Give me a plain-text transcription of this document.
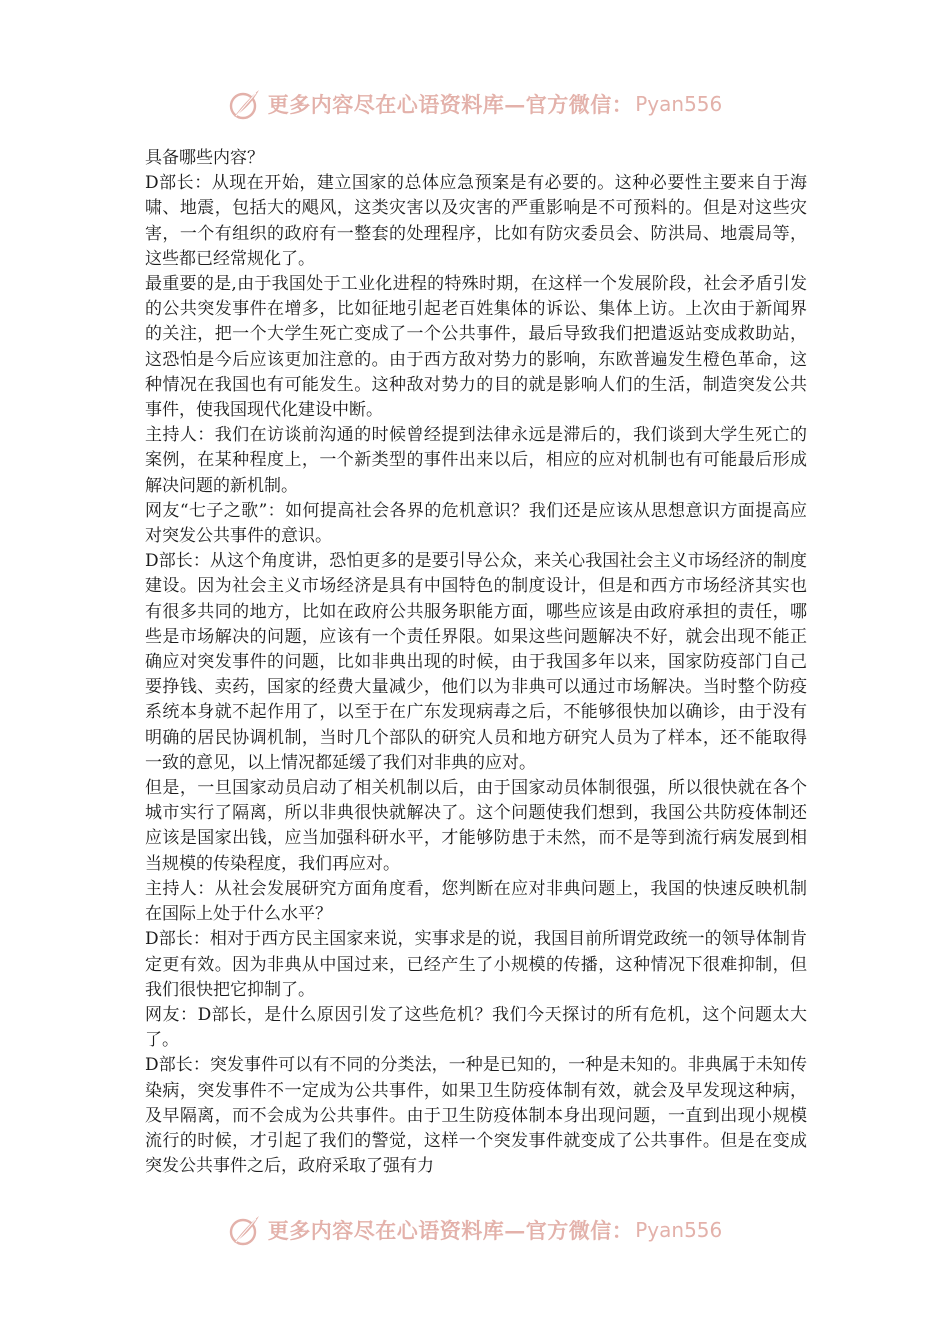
更多内容尽在心语资料库—官方微信： Pyan556

具备哪些内容？

D部长：从现在开始，建立国家的总体应急预案是有必要的。这种必要性主要来自于海啸、地震，包括大的飓风，这类灾害以及灾害的严重影响是不可预料的。但是对这些灾害，一个有组织的政府有一整套的处理程序，比如有防灾委员会、防洪局、地震局等，这些都已经常规化了。

最重要的是,由于我国处于工业化进程的特殊时期，在这样一个发展阶段，社会矛盾引发的公共突发事件在增多，比如征地引起老百姓集体的诉讼、集体上访。上次由于新闻界的关注，把一个大学生死亡变成了一个公共事件，最后导致我们把遣返站变成救助站，这恐怕是今后应该更加注意的。由于西方敌对势力的影响，东欧普遍发生橙色革命，这种情况在我国也有可能发生。这种敌对势力的目的就是影响人们的生活，制造突发公共事件，使我国现代化建设中断。

主持人：我们在访谈前沟通的时候曾经提到法律永远是滞后的，我们谈到大学生死亡的案例，在某种程度上，一个新类型的事件出来以后，相应的应对机制也有可能最后形成解决问题的新机制。

网友“七子之歌”：如何提高社会各界的危机意识？我们还是应该从思想意识方面提高应对突发公共事件的意识。

D部长：从这个角度讲，恐怕更多的是要引导公众，来关心我国社会主义市场经济的制度建设。因为社会主义市场经济是具有中国特色的制度设计，但是和西方市场经济其实也有很多共同的地方，比如在政府公共服务职能方面，哪些应该是由政府承担的责任，哪些是市场解决的问题，应该有一个责任界限。如果这些问题解决不好，就会出现不能正确应对突发事件的问题，比如非典出现的时候，由于我国多年以来，国家防疫部门自己要挣钱、卖药，国家的经费大量减少，他们以为非典可以通过市场解决。当时整个防疫系统本身就不起作用了，以至于在广东发现病毒之后，不能够很快加以确诊，由于没有明确的居民协调机制，当时几个部队的研究人员和地方研究人员为了样本，还不能取得一致的意见，以上情况都延缓了我们对非典的应对。

但是，一旦国家动员启动了相关机制以后，由于国家动员体制很强，所以很快就在各个城市实行了隔离，所以非典很快就解决了。这个问题使我们想到，我国公共防疫体制还应该是国家出钱，应当加强科研水平，才能够防患于未然，而不是等到流行病发展到相当规模的传染程度，我们再应对。

主持人：从社会发展研究方面角度看，您判断在应对非典问题上，我国的快速反映机制在国际上处于什么水平？

D部长：相对于西方民主国家来说，实事求是的说，我国目前所谓党政统一的领导体制肯定更有效。因为非典从中国过来，已经产生了小规模的传播，这种情况下很难抑制，但我们很快把它抑制了。

网友：D部长，是什么原因引发了这些危机？我们今天探讨的所有危机，这个问题太大了。

D部长：突发事件可以有不同的分类法，一种是已知的，一种是未知的。非典属于未知传染病，突发事件不一定成为公共事件，如果卫生防疫体制有效，就会及早发现这种病，及早隔离，而不会成为公共事件。由于卫生防疫体制本身出现问题，一直到出现小规模流行的时候，才引起了我们的警觉，这样一个突发事件就变成了公共事件。但是在变成突发公共事件之后，政府采取了强有力

更多内容尽在心语资料库—官方微信： Pyan556
